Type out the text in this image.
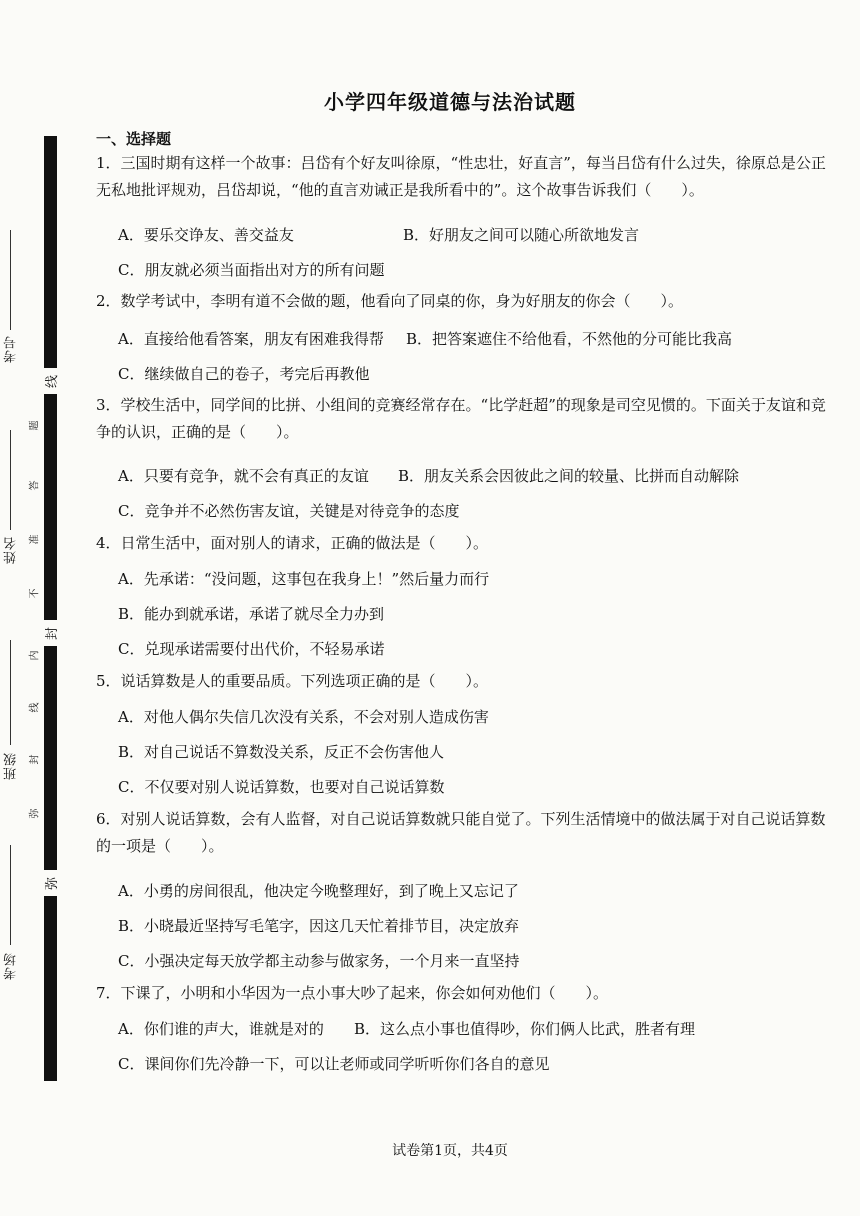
线
封
弥
考号
姓名
班级
考场
题
答
准
不
内
线
封
弥
小学四年级道德与法治试题
一、选择题
1．三国时期有这样一个故事：吕岱有个好友叫徐原，“性忠壮，好直言”，每当吕岱有什么过失，徐原总是公正无私地批评规劝，吕岱却说，“他的直言劝诫正是我所看中的”。这个故事告诉我们（　　）。
A．要乐交诤友、善交益友	B．好朋友之间可以随心所欲地发言
C．朋友就必须当面指出对方的所有问题
2．数学考试中，李明有道不会做的题，他看向了同桌的你，身为好朋友的你会（　　）。
A．直接给他看答案，朋友有困难我得帮 B．把答案遮住不给他看，不然他的分可能比我高
C．继续做自己的卷子，考完后再教他
3．学校生活中，同学间的比拼、小组间的竞赛经常存在。“比学赶超”的现象是司空见惯的。下面关于友谊和竞争的认识，正确的是（　　）。
A．只要有竞争，就不会有真正的友谊 B．朋友关系会因彼此之间的较量、比拼而自动解除
C．竞争并不必然伤害友谊，关键是对待竞争的态度
4．日常生活中，面对别人的请求，正确的做法是（　　）。
A．先承诺：“没问题，这事包在我身上！”然后量力而行
B．能办到就承诺，承诺了就尽全力办到
C．兑现承诺需要付出代价，不轻易承诺
5．说话算数是人的重要品质。下列选项正确的是（　　）。
A．对他人偶尔失信几次没有关系，不会对别人造成伤害
B．对自己说话不算数没关系，反正不会伤害他人
C．不仅要对别人说话算数，也要对自己说话算数
6．对别人说话算数，会有人监督，对自己说话算数就只能自觉了。下列生活情境中的做法属于对自己说话算数的一项是（　　）。
A．小勇的房间很乱，他决定今晚整理好，到了晚上又忘记了
B．小晓最近坚持写毛笔字，因这几天忙着排节目，决定放弃
C．小强决定每天放学都主动参与做家务，一个月来一直坚持
7．下课了，小明和小华因为一点小事大吵了起来，你会如何劝他们（　　）。
A．你们谁的声大，谁就是对的 B．这么点小事也值得吵，你们俩人比武，胜者有理
C．课间你们先冷静一下，可以让老师或同学听听你们各自的意见
试卷第1页，共4页
